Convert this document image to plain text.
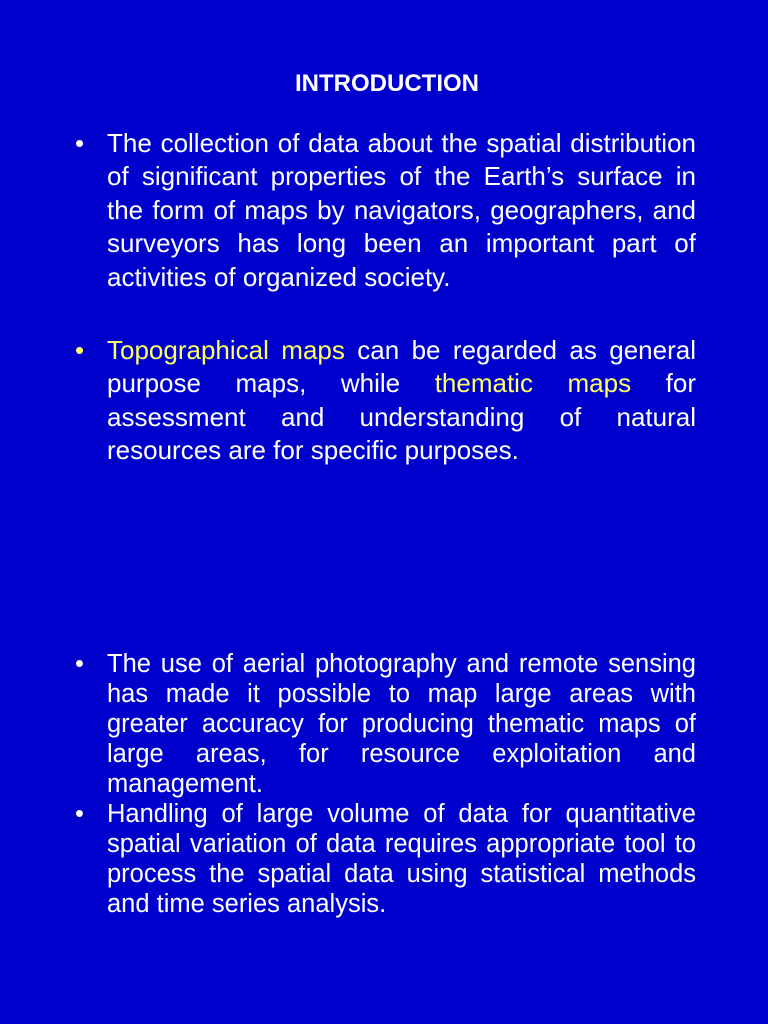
INTRODUCTION
• The collection of data about the spatial distribution of significant properties of the Earth’s surface in the form of maps by navigators, geographers, and surveyors has long been an important part of activities of organized society.
• Topographical maps can be regarded as general purpose maps, while thematic maps for assessment and understanding of natural resources are for specific purposes.
• The use of aerial photography and remote sensing has made it possible to map large areas with greater accuracy for producing thematic maps of large areas, for resource exploitation and management.
• Handling of large volume of data for quantitative spatial variation of data requires appropriate tool to process the spatial data using statistical methods and time series analysis.
